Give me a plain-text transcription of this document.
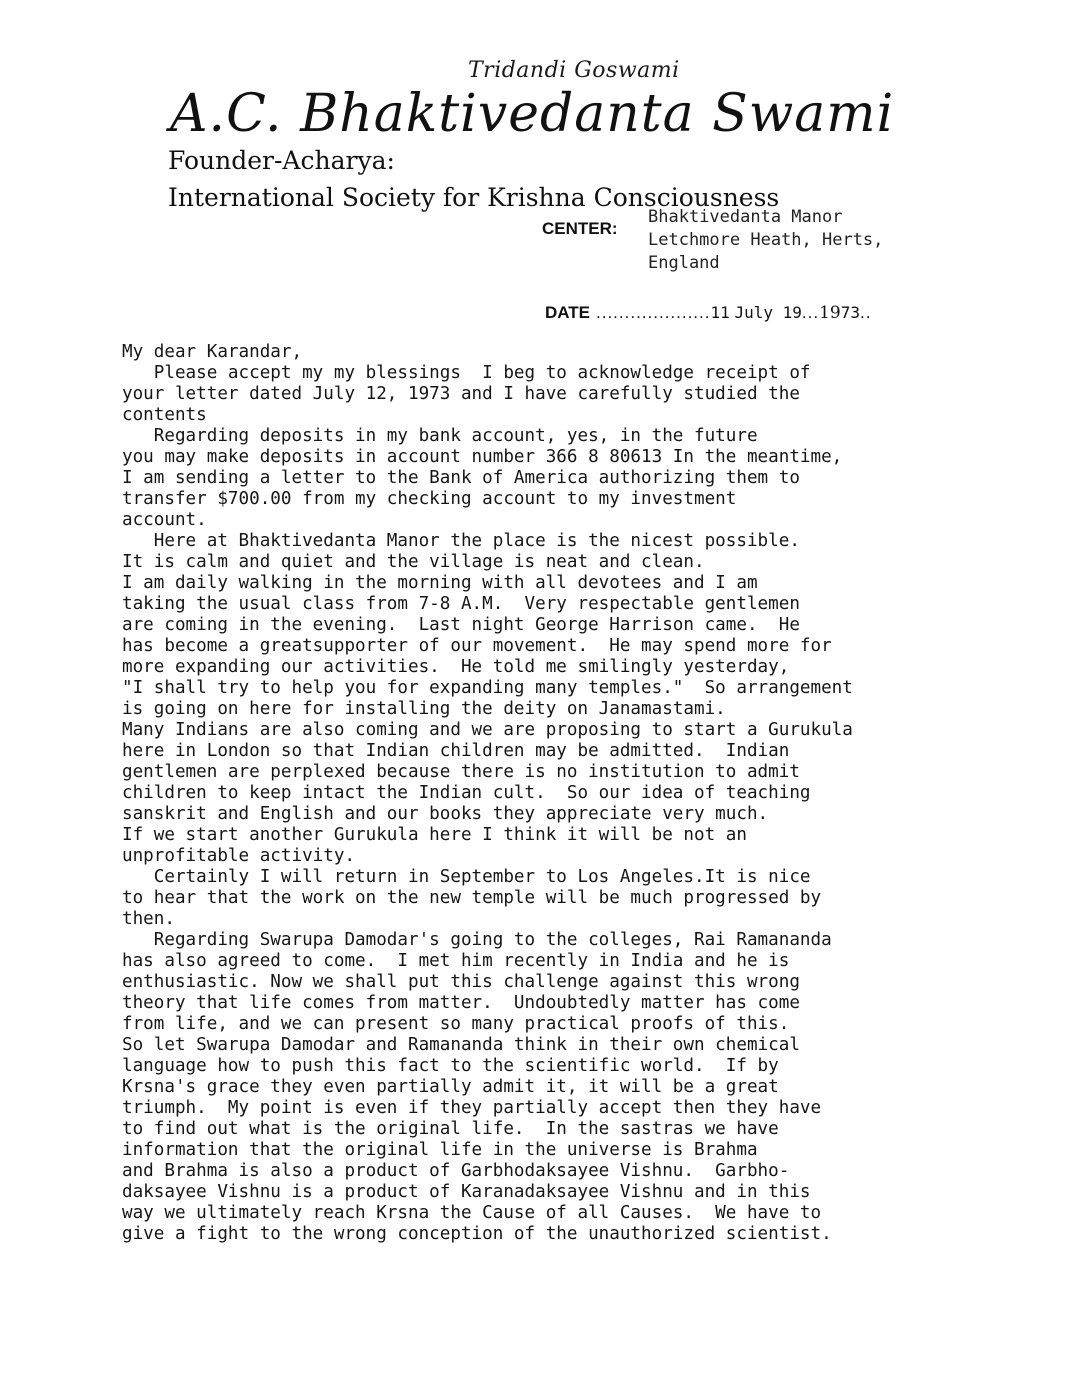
Tridandi Goswami
A.C. Bhaktivedanta Swami
Founder-Acharya:
International Society for Krishna Consciousness
CENTER:
Bhaktivedanta Manor
Letchmore Heath, Herts,
England
DATE ....................11 July 19...1973..
My dear Karandar,
Please accept my my blessings  I beg to acknowledge receipt of
your letter dated July 12, 1973 and I have carefully studied the
contents
Regarding deposits in my bank account, yes, in the future
you may make deposits in account number 366 8 80613 In the meantime,
I am sending a letter to the Bank of America authorizing them to
transfer $700.00 from my checking account to my investment
account.
Here at Bhaktivedanta Manor the place is the nicest possible.
It is calm and quiet and the village is neat and clean.
I am daily walking in the morning with all devotees and I am
taking the usual class from 7-8 A.M.  Very respectable gentlemen
are coming in the evening.  Last night George Harrison came.  He
has become a greatsupporter of our movement.  He may spend more for
more expanding our activities.  He told me smilingly yesterday,
"I shall try to help you for expanding many temples."  So arrangement
is going on here for installing the deity on Janamastami.
Many Indians are also coming and we are proposing to start a Gurukula
here in London so that Indian children may be admitted.  Indian
gentlemen are perplexed because there is no institution to admit
children to keep intact the Indian cult.  So our idea of teaching
sanskrit and English and our books they appreciate very much.
If we start another Gurukula here I think it will be not an
unprofitable activity.
Certainly I will return in September to Los Angeles.It is nice
to hear that the work on the new temple will be much progressed by
then.
Regarding Swarupa Damodar's going to the colleges, Rai Ramananda
has also agreed to come.  I met him recently in India and he is
enthusiastic. Now we shall put this challenge against this wrong
theory that life comes from matter.  Undoubtedly matter has come
from life, and we can present so many practical proofs of this.
So let Swarupa Damodar and Ramananda think in their own chemical
language how to push this fact to the scientific world.  If by
Krsna's grace they even partially admit it, it will be a great
triumph.  My point is even if they partially accept then they have
to find out what is the original life.  In the sastras we have
information that the original life in the universe is Brahma
and Brahma is also a product of Garbhodaksayee Vishnu.  Garbho-
daksayee Vishnu is a product of Karanadaksayee Vishnu and in this
way we ultimately reach Krsna the Cause of all Causes.  We have to
give a fight to the wrong conception of the unauthorized scientist.
